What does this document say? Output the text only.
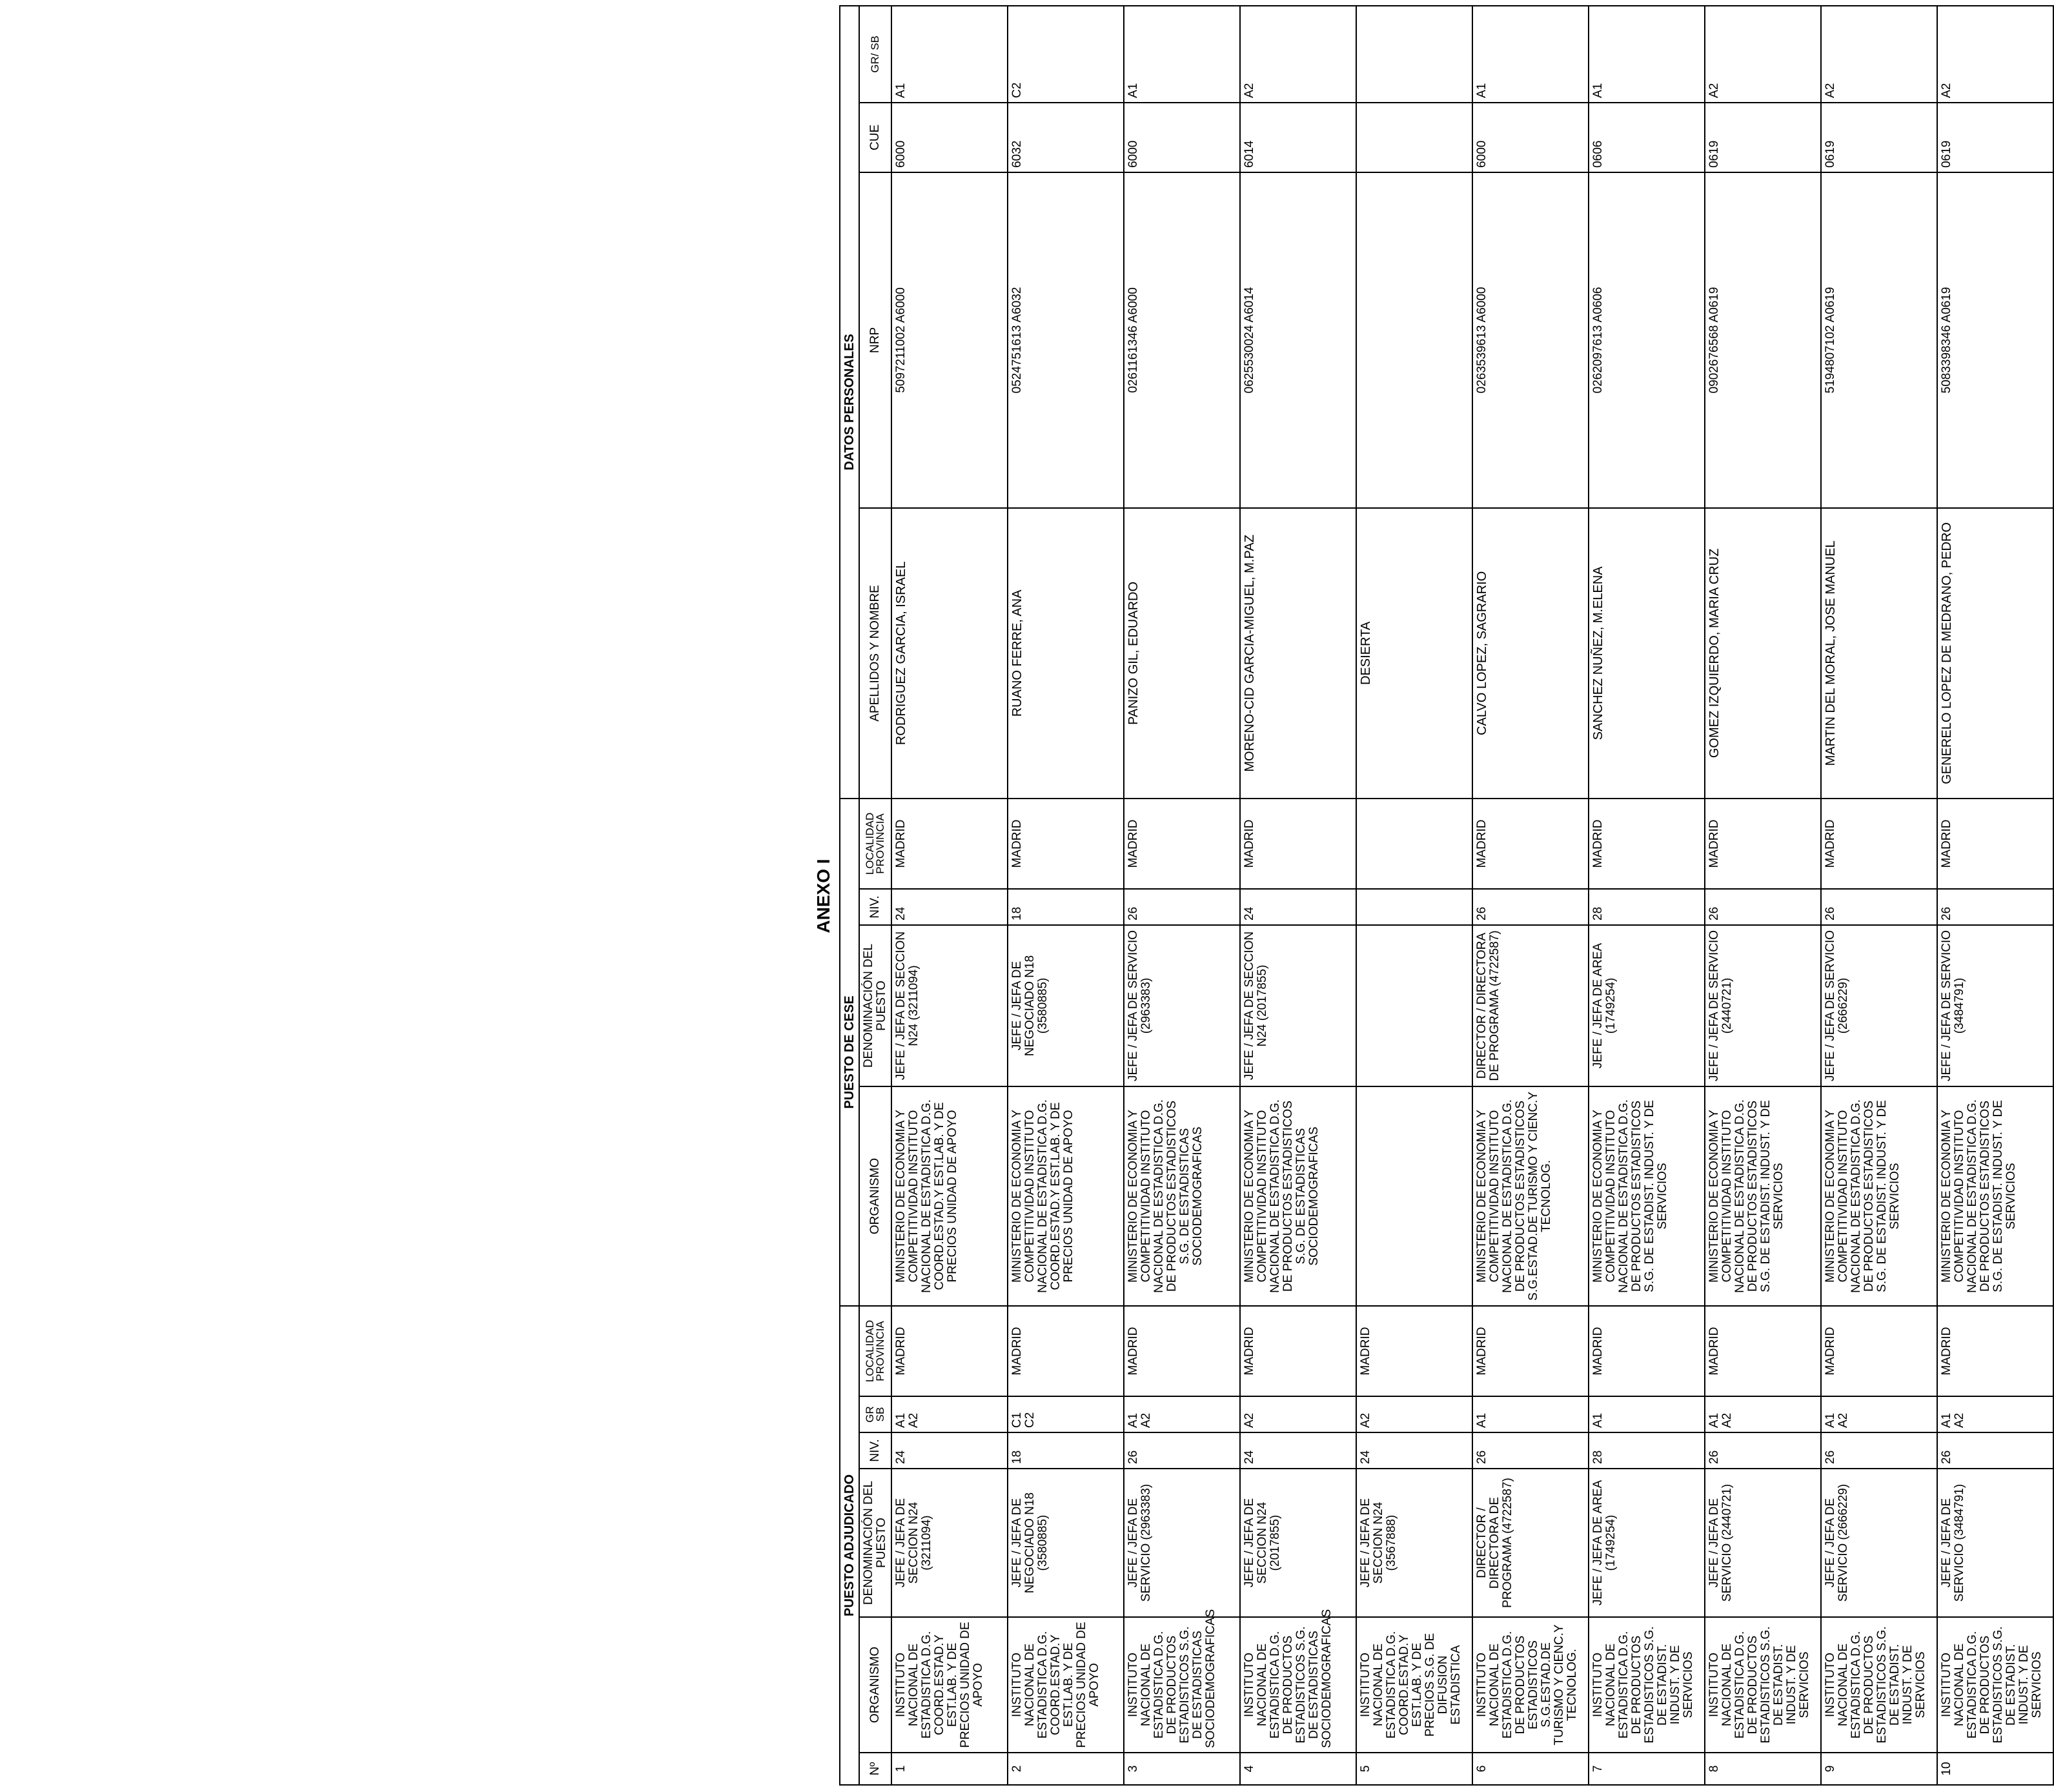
ANEXO I
PUESTO ADJUDICADO						PUESTO DE CESE				DATOS PERSONALES			
Nº	ORGANISMO	DENOMINACIÓN DEL PUESTO	NIV.	GR SB	LOCALIDAD PROVINCIA	ORGANISMO	DENOMINACIÓN DEL PUESTO	NIV.	LOCALIDAD PROVINCIA	APELLIDOS Y NOMBRE	NRP	CUE	GR/ SB
1	INSTITUTO NACIONAL DE ESTADISTICA D.G. COORD.ESTAD.Y EST.LAB. Y DE PRECIOS UNIDAD DE APOYO	JEFE / JEFA DE SECCION N24 (3211094)	24	A1 A2	MADRID	MINISTERIO DE ECONOMIA Y COMPETITIVIDAD INSTITUTO NACIONAL DE ESTADISTICA D.G. COORD.ESTAD.Y EST.LAB. Y DE PRECIOS UNIDAD DE APOYO	JEFE / JEFA DE SECCION N24 (3211094)	24	MADRID	RODRIGUEZ GARCIA, ISRAEL	5097211002 A6000	6000	A1
2	INSTITUTO NACIONAL DE ESTADISTICA D.G. COORD.ESTAD.Y EST.LAB. Y DE PRECIOS UNIDAD DE APOYO	JEFE / JEFA DE NEGOCIADO N18 (3580885)	18	C1 C2	MADRID	MINISTERIO DE ECONOMIA Y COMPETITIVIDAD INSTITUTO NACIONAL DE ESTADISTICA D.G. COORD.ESTAD.Y EST.LAB. Y DE PRECIOS UNIDAD DE APOYO	JEFE / JEFA DE NEGOCIADO N18 (3580885)	18	MADRID	RUANO FERRE, ANA	0524751613 A6032	6032	C2
3	INSTITUTO NACIONAL DE ESTADISTICA D.G. DE PRODUCTOS ESTADISTICOS S.G. DE ESTADISTICAS SOCIODEMOGRAFICAS	JEFE / JEFA DE SERVICIO (2963383)	26	A1 A2	MADRID	MINISTERIO DE ECONOMIA Y COMPETITIVIDAD INSTITUTO NACIONAL DE ESTADISTICA D.G. DE PRODUCTOS ESTADISTICOS S.G. DE ESTADISTICAS SOCIODEMOGRAFICAS	JEFE / JEFA DE SERVICIO (2963383)	26	MADRID	PANIZO GIL, EDUARDO	0261161346 A6000	6000	A1
4	INSTITUTO NACIONAL DE ESTADISTICA D.G. DE PRODUCTOS ESTADISTICOS S.G. DE ESTADISTICAS SOCIODEMOGRAFICAS	JEFE / JEFA DE SECCION N24 (2017855)	24	A2	MADRID	MINISTERIO DE ECONOMIA Y COMPETITIVIDAD INSTITUTO NACIONAL DE ESTADISTICA D.G. DE PRODUCTOS ESTADISTICOS S.G. DE ESTADISTICAS SOCIODEMOGRAFICAS	JEFE / JEFA DE SECCION N24 (2017855)	24	MADRID	MORENO-CID GARCIA-MIGUEL, M.PAZ	0625530024 A6014	6014	A2
5	INSTITUTO NACIONAL DE ESTADISTICA D.G. COORD.ESTAD.Y EST.LAB. Y DE PRECIOS S.G. DE DIFUSION ESTADISTICA	JEFE / JEFA DE SECCION N24 (3567888)	24	A2	MADRID					DESIERTA			
6	INSTITUTO NACIONAL DE ESTADISTICA D.G. DE PRODUCTOS ESTADISTICOS S.G.ESTAD.DE TURISMO Y CIENC.Y TECNOLOG.	DIRECTOR / DIRECTORA DE PROGRAMA (4722587)	26	A1	MADRID	MINISTERIO DE ECONOMIA Y COMPETITIVIDAD INSTITUTO NACIONAL DE ESTADISTICA D.G. DE PRODUCTOS ESTADISTICOS S.G.ESTAD.DE TURISMO Y CIENC.Y TECNOLOG.	DIRECTOR / DIRECTORA DE PROGRAMA (4722587)	26	MADRID	CALVO LOPEZ, SAGRARIO	0263539613 A6000	6000	A1
7	INSTITUTO NACIONAL DE ESTADISTICA D.G. DE PRODUCTOS ESTADISTICOS S.G. DE ESTADIST. INDUST. Y DE SERVICIOS	JEFE / JEFA DE AREA (1749254)	28	A1	MADRID	MINISTERIO DE ECONOMIA Y COMPETITIVIDAD INSTITUTO NACIONAL DE ESTADISTICA D.G. DE PRODUCTOS ESTADISTICOS S.G. DE ESTADIST. INDUST. Y DE SERVICIOS	JEFE / JEFA DE AREA (1749254)	28	MADRID	SANCHEZ NUÑEZ, M.ELENA	0262097613 A0606	0606	A1
8	INSTITUTO NACIONAL DE ESTADISTICA D.G. DE PRODUCTOS ESTADISTICOS S.G. DE ESTADIST. INDUST. Y DE SERVICIOS	JEFE / JEFA DE SERVICIO (2440721)	26	A1 A2	MADRID	MINISTERIO DE ECONOMIA Y COMPETITIVIDAD INSTITUTO NACIONAL DE ESTADISTICA D.G. DE PRODUCTOS ESTADISTICOS S.G. DE ESTADIST. INDUST. Y DE SERVICIOS	JEFE / JEFA DE SERVICIO (2440721)	26	MADRID	GOMEZ IZQUIERDO, MARIA CRUZ	0902676568 A0619	0619	A2
9	INSTITUTO NACIONAL DE ESTADISTICA D.G. DE PRODUCTOS ESTADISTICOS S.G. DE ESTADIST. INDUST. Y DE SERVICIOS	JEFE / JEFA DE SERVICIO (2666229)	26	A1 A2	MADRID	MINISTERIO DE ECONOMIA Y COMPETITIVIDAD INSTITUTO NACIONAL DE ESTADISTICA D.G. DE PRODUCTOS ESTADISTICOS S.G. DE ESTADIST. INDUST. Y DE SERVICIOS	JEFE / JEFA DE SERVICIO (2666229)	26	MADRID	MARTIN DEL MORAL, JOSE MANUEL	5194807102 A0619	0619	A2
10	INSTITUTO NACIONAL DE ESTADISTICA D.G. DE PRODUCTOS ESTADISTICOS S.G. DE ESTADIST. INDUST. Y DE SERVICIOS	JEFE / JEFA DE SERVICIO (3484791)	26	A1 A2	MADRID	MINISTERIO DE ECONOMIA Y COMPETITIVIDAD INSTITUTO NACIONAL DE ESTADISTICA D.G. DE PRODUCTOS ESTADISTICOS S.G. DE ESTADIST. INDUST. Y DE SERVICIOS	JEFE / JEFA DE SERVICIO (3484791)	26	MADRID	GENERELO LOPEZ DE MEDRANO, PEDRO	5083398346 A0619	0619	A2
